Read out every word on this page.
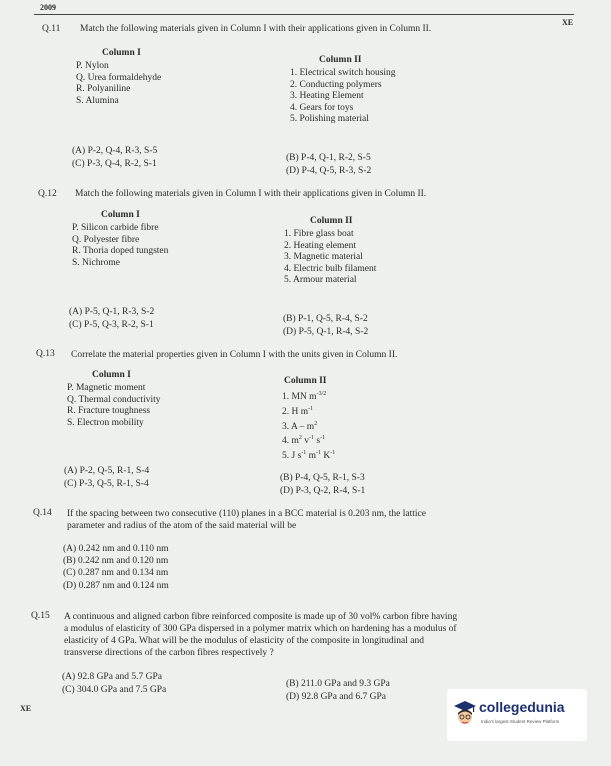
2009
XE
Q.11 Match the following materials given in Column I with their applications given in Column II.
Column I
P. Nylon
Q. Urea formaldehyde
R. Polyaniline
S. Alumina
Column II
1. Electrical switch housing
2. Conducting polymers
3. Heating Element
4. Gears for toys
5. Polishing material
(A) P-2, Q-4, R-3, S-5
(B) P-4, Q-1, R-2, S-5
(C) P-3, Q-4, R-2, S-1
(D) P-4, Q-5, R-3, S-2
Q.12 Match the following materials given in Column I with their applications given in Column II.
Column I
P. Silicon carbide fibre
Q. Polyester fibre
R. Thoria doped tungsten
S. Nichrome
Column II
1. Fibre glass boat
2. Heating element
3. Magnetic material
4. Electric bulb filament
5. Armour material
(A) P-5, Q-1, R-3, S-2
(B) P-1, Q-5, R-4, S-2
(C) P-5, Q-3, R-2, S-1
(D) P-5, Q-1, R-4, S-2
Q.13 Correlate the material properties given in Column I with the units given in Column II.
Column I
P. Magnetic moment
Q. Thermal conductivity
R. Fracture toughness
S. Electron mobility
Column II
1. MN $m^{-3/2}$
2. H $m^{-1}$
3. A – $m^2$
4. $m^2$ $v^{-1}$ $s^{-1}$
5. J $s^{-1}$ $m^{-1}$ $K^{-1}$
(A) P-2, Q-5, R-1, S-4
(B) P-4, Q-5, R-1, S-3
(C) P-3, Q-5, R-1, S-4
(D) P-3, Q-2, R-4, S-1
Q.14 If the spacing between two consecutive (110) planes in a BCC material is 0.203 nm, the lattice
parameter and radius of the atom of the said material will be
(A) 0.242 nm and 0.110 nm
(B) 0.242 nm and 0.120 nm
(C) 0.287 nm and 0.134 nm
(D) 0.287 nm and 0.124 nm
Q.15 A continuous and aligned carbon fibre reinforced composite is made up of 30 vol% carbon fibre having
a modulus of elasticity of 300 GPa dispersed in a polymer matrix which on hardening has a modulus of
elasticity of 4 GPa. What will be the modulus of elasticity of the composite in longitudinal and
transverse directions of the carbon fibres respectively ?
(A) 92.8 GPa and 5.7 GPa
(B) 211.0 GPa and 9.3 GPa
(C) 304.0 GPa and 7.5 GPa
(D) 92.8 GPa and 6.7 GPa
XE	collegedunia
India's largest Student Review Platform
